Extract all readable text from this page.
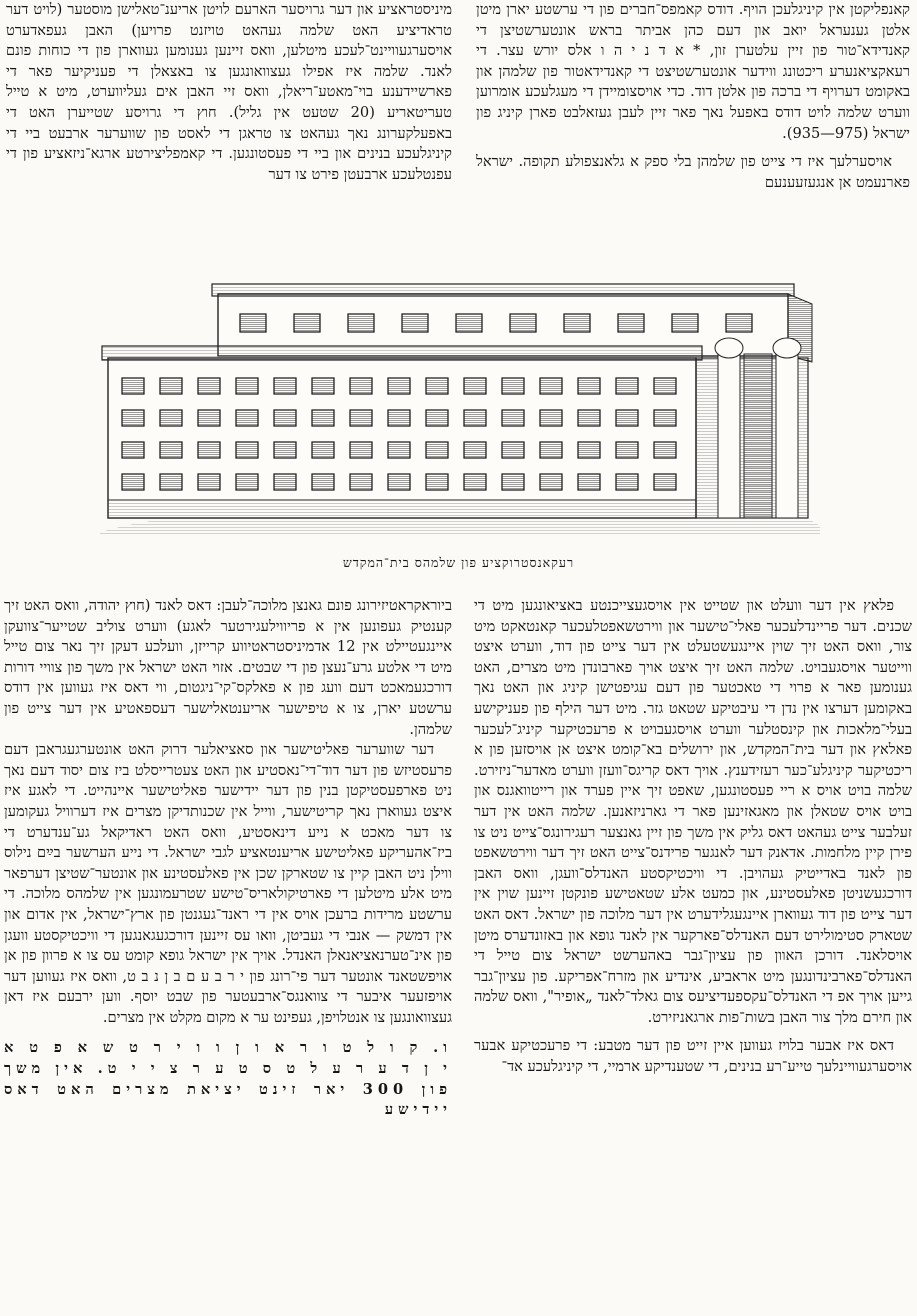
קאנפליקטן אין קיניגלעכן הויף. דודס קאמפס־חברים פון די ערשטע יארן מיטן אלטן גענעראל יואב און דעם כהן אביתר בראש אונטערשטיצן די קאנדידא־טור פון זיין עלטערן זון, * א ד נ י ה ו אלס יורש עצר. די רעאקציאנערע ריכטונג ווידער אונטערשטיצט די קאנדידאטור פון שלמהן און באקומט דערויף די ברכה פון אלטן דוד. כדי אויסצומיידן די מעגלעכע אומרוען ווערט שלמה לויט דודס באפעל נאך פאר זיין לעבן געזאלבט פארן קיניג פון ישראל (975—935).

אויסערלעך איז די צייט פון שלמהן בלי ספק א גלאנצפולע תקופה. ישראל פארנעמט אן אנגעזעענעם

מיניסטראציע און דער גרויסער הארעם לויטן אריענ־טאלישן מוסטער (לויט דער טראדיציע האט שלמה געהאט טויזנט פרויען) האבן געפאדערט אויסערגעוויינט־לעכע מיטלען, וואס זיינען גענומען געווארן פון די כוחות פונם לאנד. שלמה איז אפילו געצוואונגען צו באצאלן די פעניקיער פאר די פארשיידענע בוי־מאטע־ריאלן, וואס זיי האבן אים געליווערט, מיט א טייל טעריטאריע (20 שטעט אין גליל). חוץ די גרויסע שטייערן האט די באפעלקערונג נאך געהאט צו טראגן די לאסט פון שווערער ארבעט ביי די קיניגלעכע בנינים און ביי די פעסטונגען. די קאמפליצירטע ארגא־ניזאציע פון די עפנטלעכע ארבעטן פירט צו דער

רעקאנסטרוקציע פון שלמהס בית־המקדש

פלאץ אין דער וועלט און שטייט אין אויסגעצייכנטע באציאונגען מיט די שכנים. דער פריינדלעכער פאלי־טישער און ווירטשאפטלעכער קאנטאקט מיט צור, וואס האט זיך שוין איינגעשטעלט אין דער צייט פון דוד, ווערט איצט ווייטער אויסגעבויט. שלמה האט זיך איצט אויך פארבונדן מיט מצרים, האט גענומען פאר א פרוי די טאכטער פון דעם עגיפטישן קיניג און האט נאך באקומען דערצו אין נדן די עיבטיקע שטאט גזר. מיט דער הילף פון פעניקישע בעלי־מלאכות און קינסטלער ווערט אויסגעבויט א פרעכטיקער קיניג־לעכער פאלאץ און דער בית־המקדש, און ירושלים בא־קומט איצט אן אויסזען פון א ריכטיקער קיניגלע־כער רעזידענץ. אויך דאס קריגס־וועזן ווערט מאדער־ניזירט. שלמה בויט אויס א ריי פעסטונגען, שאפט זיך איין פערד און רייטוואגנס און בויט אויס שטאלן און מאגאזינען פאר די גארניזאנען. שלמה האט אין דער זעלבער צייט געהאט דאס גליק אין משך פון זיין גאנצער רעגירונגס־צייט ניט צו פירן קיין מלחמות. אדאנק דער לאנגער פרידנס־צייט האט זיך דער ווירטשאפט פון לאנד באדייטיק געהויבן. די וויכטיקסטע האנדלס־וועגן, וואס האבן דורכגעשניטן פאלעסטינע, און כמעט אלע שטאטישע פונקטן זיינען שוין אין דער צייט פון דוד געווארן איינגעגלידערט אין דער מלוכה פון ישראל. דאס האט שטארק סטימולירט דעם האנדלס־פארקער אין לאנד גופא און באזונדערס מיטן אויסלאנד. דורכן האוון פון עציון־גבר באהערשט ישראל צום טייל די האנדלס־פארבינדונגען מיט אראביע, אינדיע און מזרח־אפריקע. פון עציון־גבר גייען אויך אפ די האנדלס־עקספעדיציעס צום גאלד־לאנד „אופיר", וואס שלמה און חירם מלך צור האבן בשות־פות ארגאניזירט.

דאס איז אבער בלויז געווען איין זייט פון דער מטבע: די פרעכטיקע אבער אויסערגעוויינלעך טייע־רע בנינים, די שטענדיקע ארמיי, די קיניגלעכע אד־

ביוראקראטיזירונג פונם גאנצן מלוכה־לעבן: דאס לאנד (חוץ יהודה, וואס האט זיך קענטיק געפונען אין א פריווילעגירטער לאגע) ווערט צוליב שטייער־צוועקן איינגעטיילט אין 12 אדמיניסטראטיווע קרייזן, וועלכע דעקן זיך נאר צום טייל מיט די אלטע גרע־נעצן פון די שבטים. אזוי האט ישראל אין משך פון צוויי דורות דורכגעמאכט דעם וועג פון א פאלקס־קי־ניגטום, ווי דאס איז געווען אין דודס ערשטע יארן, צו א טיפישער אריענטאלישער דעספאטיע אין דער צייט פון שלמהן.

דער שווערער פאליטישער און סאציאלער דרוק האט אונטערגעגראבן דעם פרעסטיזש פון דער דוד־די־נאסטיע און האט צעטרייסלט ביז צום יסוד דעם נאך ניט פארפעסטיקטן בנין פון דער יידישער פאליטישער איינהייט. די לאגע איז איצט געווארן נאך קריטישער, ווייל אין שכנותדיקן מצרים איז דערוויל געקומען צו דער מאכט א נייע דינאסטיע, וואס האט ראדיקאל גע־ענדערט די ביז־אהעריקע פאליטישע אריענטאציע לגבי ישראל. די נייע הערשער בײַם נילוס ווילן ניט האבן קיין צו שטארקן שכן אין פאלעסטינע און אונטער־שטיצן דערפאר מיט אלע מיטלען די פארטיקולאריס־טישע שטרעמונגען אין שלמהס מלוכה. די ערשטע מרידות ברעכן אויס אין די ראנד־געגנטן פון ארץ־ישראל, אין אדום און אין דמשק — אנבי די געביטן, וואו עס זיינען דורכגעגאנגען די וויכטיקסטע וועגן פון אינ־טערנאציאנאלן האנדל. אויך אין ישראל גופא קומט עס צו א פרוון פון אן אויפשטאנד אונטער דער פי־רונג פון י ר ב ע ם ב ן נ ב ט, וואס איז געווען דער אויפזעער איבער די צוואנגס־ארבעטער פון שבט יוסף. ווען ירבעם איז דאן געצוואונגען צו אנטלויפן, געפינט ער א מקום מקלט אין מצרים.

ו. ק ו ל ט ו ר א ו ן ו ו י ר ט ש א פ ט א י ן ד ע ר ע ל ט ס ט ע ר צ י י ט. אין משך פון 300 יאר זינט יציאת מצרים האט דאס יידישע
